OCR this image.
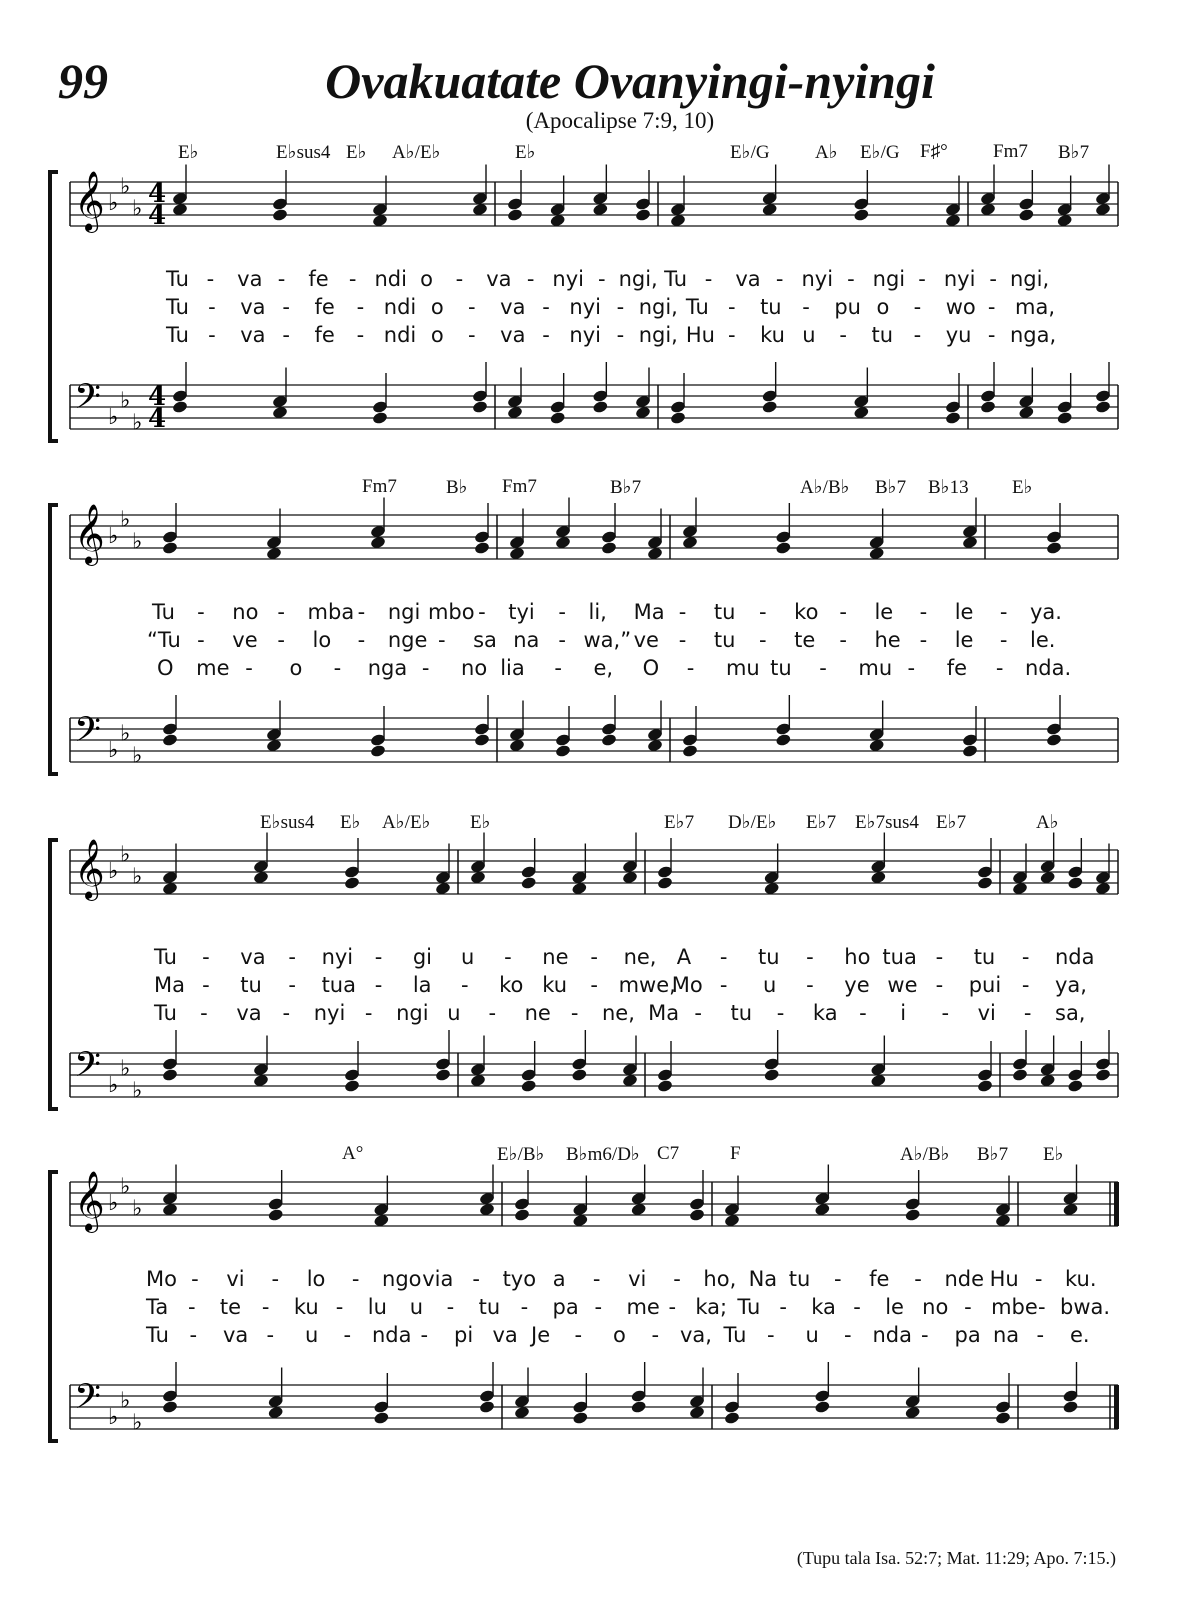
99	Ovakuatate Ovanyingi-nyingi
(Apocalipse 7:9, 10)
𝄞 ♭
♭
♭ 4
4
𝄢 ♭
♭
♭
4
4
E♭	E♭sus4 E♭ A♭/E♭	E♭	E♭/G A♭ E♭/G F♯° Fm7 B♭7
Tu - va - fe - ndi o - va - nyi - ngi, Tu - va - nyi - ngi - nyi - ngi,
Tu - va - fe - ndi o - va - nyi - ngi, Tu - tu - pu o - wo - ma,
Tu - va - fe - ndi o - va - nyi - ngi, Hu - ku u - tu - yu - nga,
𝄞 ♭
♭
♭
𝄢 ♭
♭
♭
Fm7	B♭ Fm7	B♭7	A♭/B♭ B♭7 B♭13 E♭
Tu - no - mba - ngi mbo - tyi - li, Ma - tu - ko - le - le - ya.
“Tu - ve - lo - nge - sa na - wa,” ve - tu - te - he - le - le.
O me - o - nga - no lia - e, O - mu tu - mu - fe - nda.
𝄞 ♭
♭
♭
𝄢 ♭
♭
♭
E♭sus4 E♭ A♭/E♭ E♭	E♭7 D♭/E♭ E♭7 E♭7sus4 E♭7	A♭
Tu - va - nyi - gi u - ne - ne, A - tu - ho tua - tu - nda
Ma - tu - tua - la - ko ku - mwe,
Mo - u - ye we - pui - ya,
Tu - va - nyi - ngi u - ne - ne, Ma - tu - ka - i - vi - sa,
𝄞 ♭
♭
♭
𝄢 ♭
♭
♭
A°	E♭/B♭ B♭m6/D♭ C7	F	A♭/B♭ B♭7 E♭
Mo - vi - lo - ngo via - tyo a - vi - ho, Na tu - fe - nde Hu - ku.
Ta - te - ku - lu u - tu - pa - me - ka; Tu - ka - le no - mbe - bwa.
Tu - va - u - nda - pi va Je - o - va, Tu - u - nda - pa na - e.
(Tupu tala Isa. 52:7; Mat. 11:29; Apo. 7:15.)
